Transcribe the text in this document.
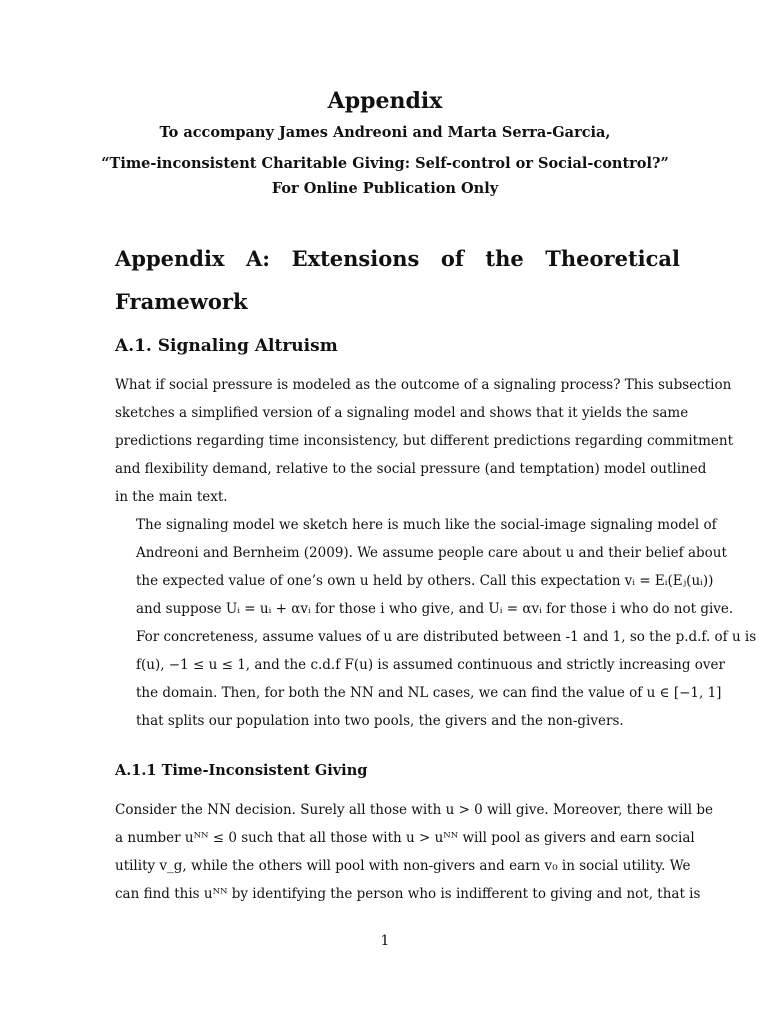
Appendix
To accompany James Andreoni and Marta Serra-Garcia,
“Time-inconsistent Charitable Giving: Self-control or Social-control?”
For Online Publication Only
Appendix A: Extensions of the Theoretical Framework
A.1. Signaling Altruism
What if social pressure is modeled as the outcome of a signaling process? This subsection
sketches a simplified version of a signaling model and shows that it yields the same
predictions regarding time inconsistency, but different predictions regarding commitment
and flexibility demand, relative to the social pressure (and temptation) model outlined
in the main text.
The signaling model we sketch here is much like the social-image signaling model of
Andreoni and Bernheim (2009). We assume people care about u and their belief about
the expected value of one’s own u held by others. Call this expectation vᵢ = Eᵢ(Eⱼ(uᵢ))
and suppose Uᵢ = uᵢ + αvᵢ for those i who give, and Uᵢ = αvᵢ for those i who do not give.
For concreteness, assume values of u are distributed between -1 and 1, so the p.d.f. of u is
f(u), −1 ≤ u ≤ 1, and the c.d.f F(u) is assumed continuous and strictly increasing over
the domain. Then, for both the NN and NL cases, we can find the value of u ∈ [−1, 1]
that splits our population into two pools, the givers and the non-givers.
A.1.1 Time-Inconsistent Giving
Consider the NN decision. Surely all those with u > 0 will give. Moreover, there will be
a number uᴺᴺ ≤ 0 such that all those with u > uᴺᴺ will pool as givers and earn social
utility v_g, while the others will pool with non-givers and earn v₀ in social utility. We
can find this uᴺᴺ by identifying the person who is indifferent to giving and not, that is
1
